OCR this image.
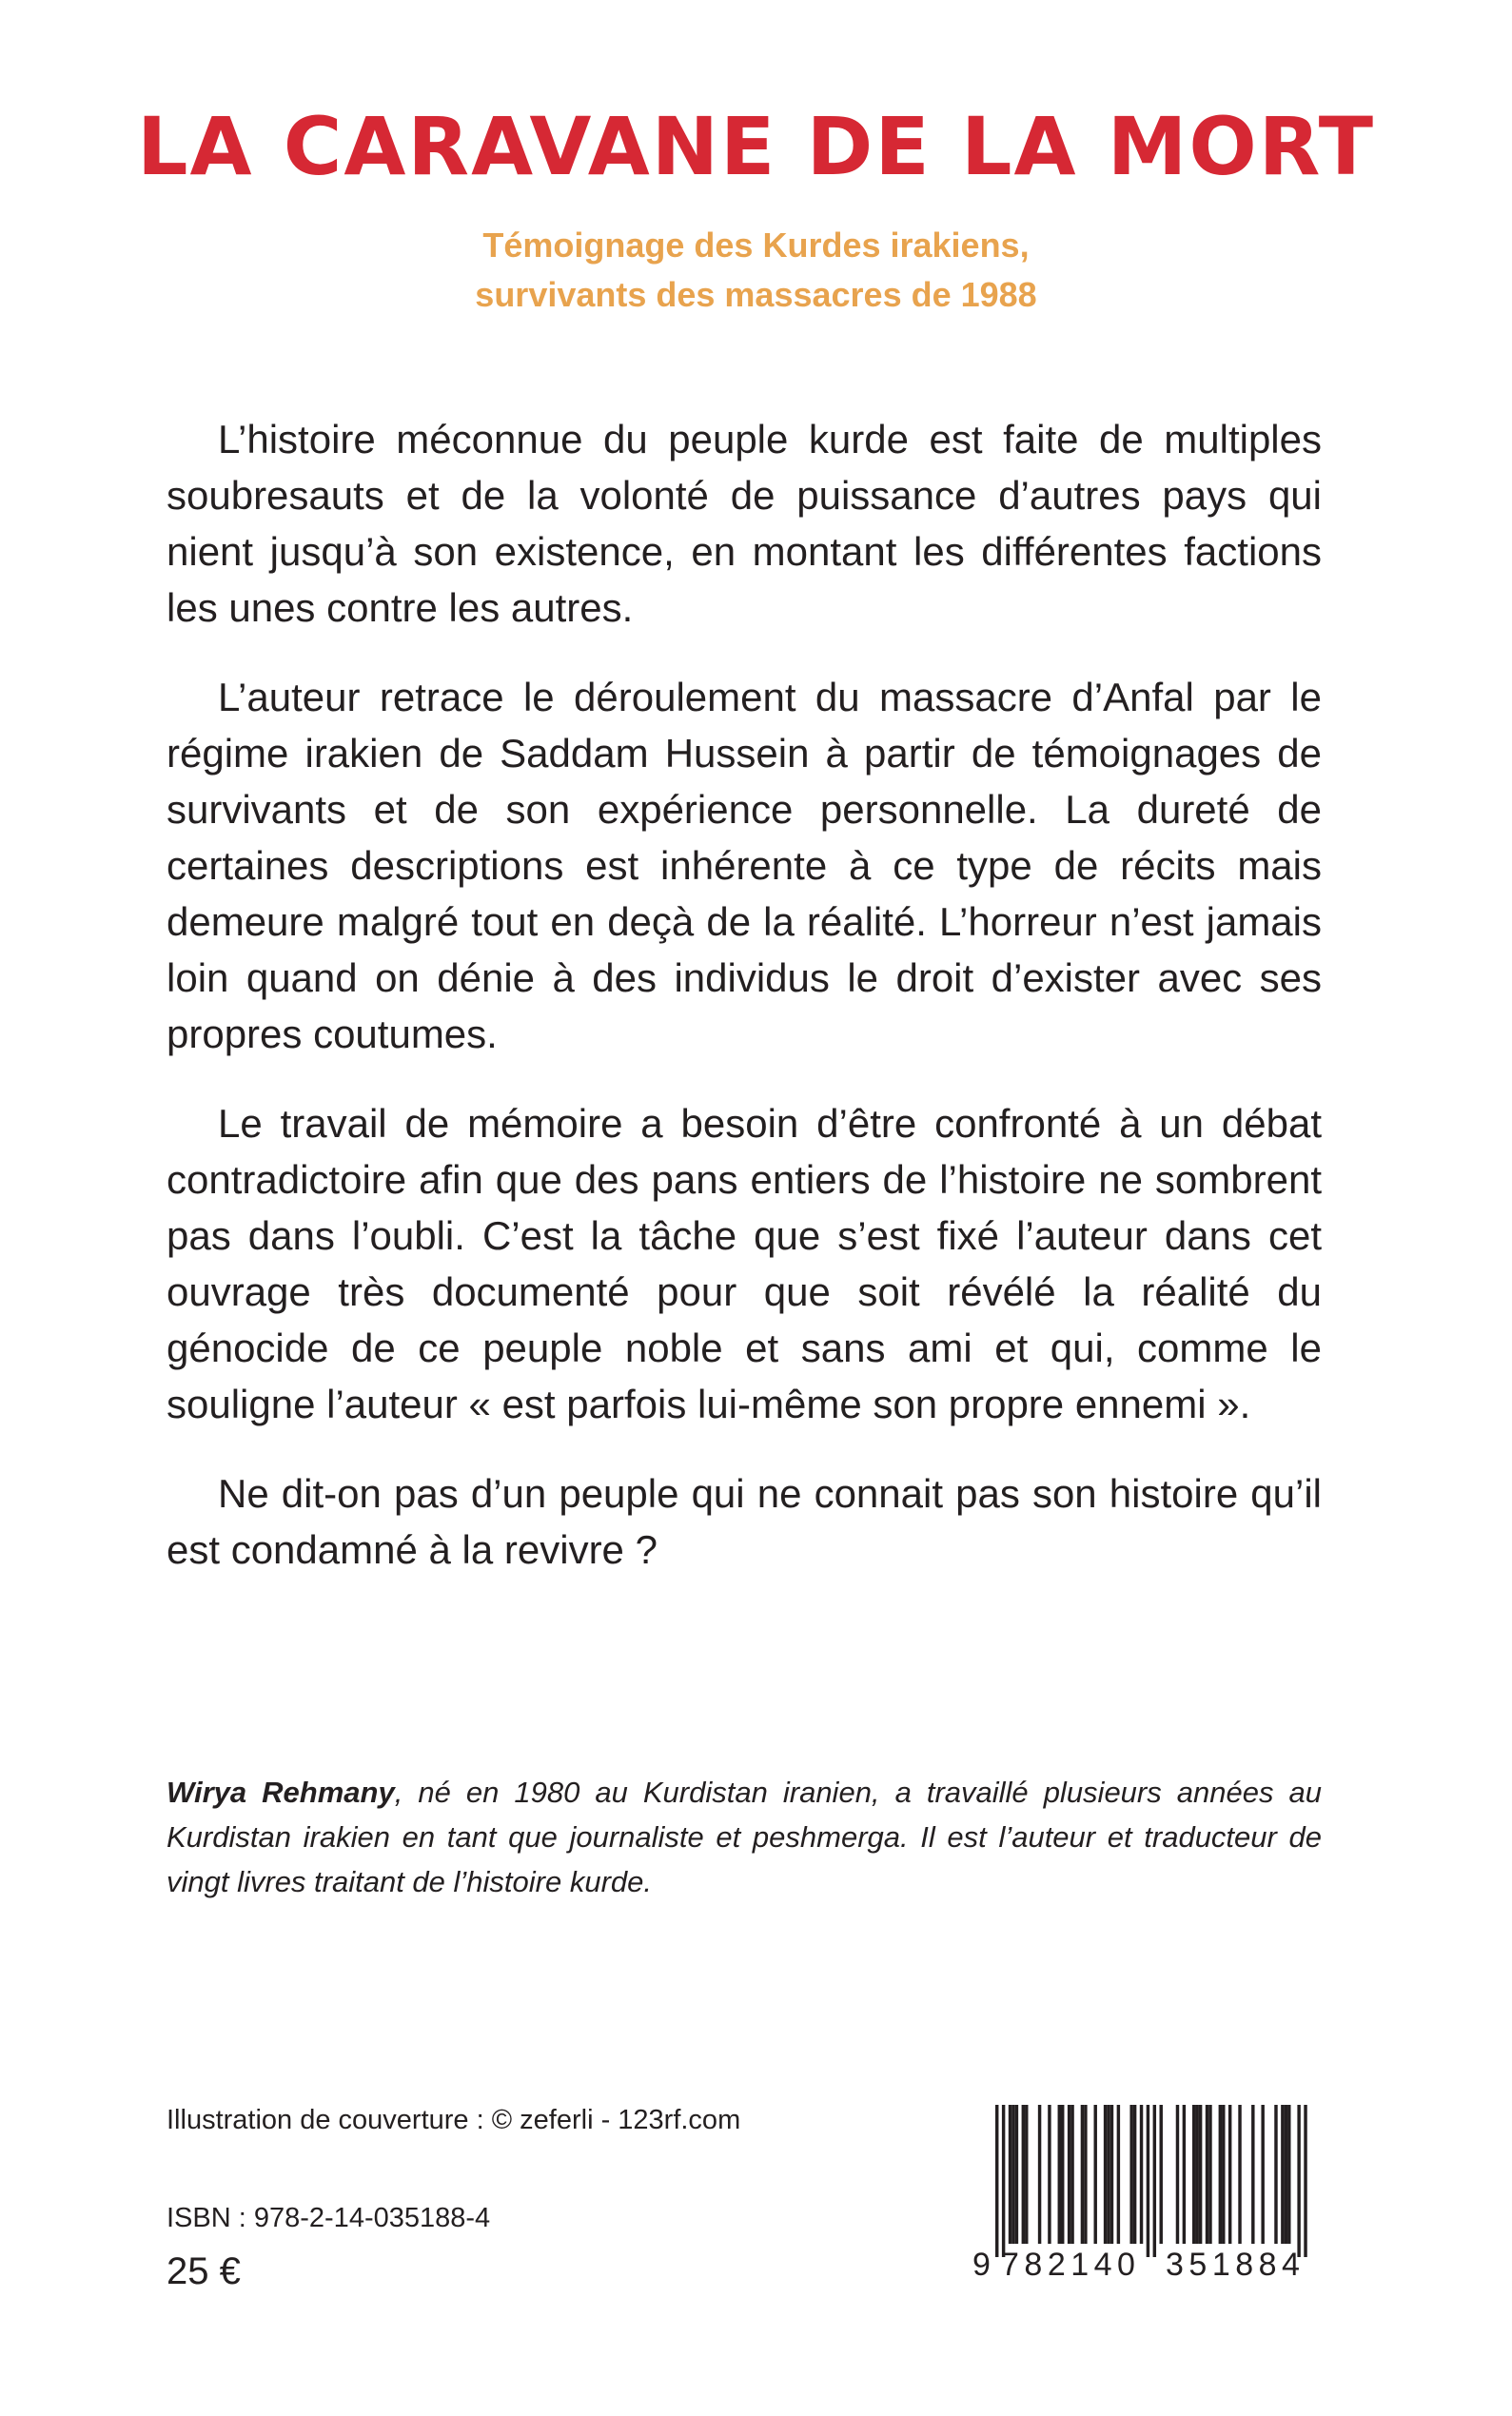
LA CARAVANE DE LA MORT
Témoignage des Kurdes irakiens,
survivants des massacres de 1988

L’histoire méconnue du peuple kurde est faite de multiples soubresauts et de la volonté de puissance d’autres pays qui nient jusqu’à son existence, en montant les différentes factions les unes contre les autres.

L’auteur retrace le déroulement du massacre d’Anfal par le régime irakien de Saddam Hussein à partir de témoignages de survivants et de son expérience personnelle. La dureté de certaines descriptions est inhérente à ce type de récits mais demeure malgré tout en deçà de la réalité. L’horreur n’est jamais loin quand on dénie à des individus le droit d’exister avec ses propres coutumes.

Le travail de mémoire a besoin d’être confronté à un débat contradictoire afin que des pans entiers de l’histoire ne sombrent pas dans l’oubli. C’est la tâche que s’est fixé l’auteur dans cet ouvrage très documenté pour que soit révélé la réalité du génocide de ce peuple noble et sans ami et qui, comme le souligne l’auteur « est parfois lui-même son propre ennemi ».

Ne dit-on pas d’un peuple qui ne connait pas son histoire qu’il est condamné à la revivre ?

Wirya Rehmany, né en 1980 au Kurdistan iranien, a travaillé plusieurs années au Kurdistan irakien en tant que journaliste et peshmerga. Il est l’auteur et traducteur de vingt livres traitant de l’histoire kurde.
Illustration de couverture : © zeferli - 123rf.com
ISBN : 978-2-14-035188-4
25 €	9 782140 351884
